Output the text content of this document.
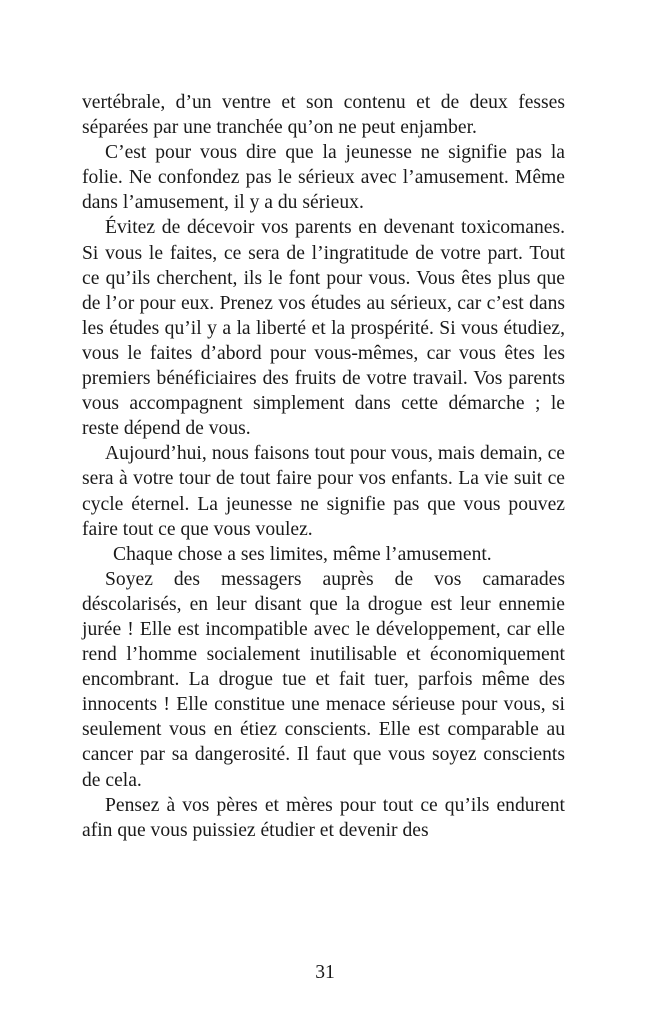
vertébrale, d’un ventre et son contenu et de deux fesses séparées par une tranchée qu’on ne peut enjamber.

C’est pour vous dire que la jeunesse ne signifie pas la folie. Ne confondez pas le sérieux avec l’amusement. Même dans l’amusement, il y a du sérieux.

Évitez de décevoir vos parents en devenant toxicomanes. Si vous le faites, ce sera de l’ingratitude de votre part. Tout ce qu’ils cherchent, ils le font pour vous. Vous êtes plus que de l’or pour eux. Prenez vos études au sérieux, car c’est dans les études qu’il y a la liberté et la prospérité. Si vous étudiez, vous le faites d’abord pour vous-mêmes, car vous êtes les premiers bénéficiaires des fruits de votre travail. Vos parents vous accompagnent simplement dans cette démarche ; le reste dépend de vous.

Aujourd’hui, nous faisons tout pour vous, mais demain, ce sera à votre tour de tout faire pour vos enfants. La vie suit ce cycle éternel. La jeunesse ne signifie pas que vous pouvez faire tout ce que vous voulez.

Chaque chose a ses limites, même l’amusement.

Soyez des messagers auprès de vos camarades déscolarisés, en leur disant que la drogue est leur ennemie jurée ! Elle est incompatible avec le développement, car elle rend l’homme socialement inutilisable et économiquement encombrant. La drogue tue et fait tuer, parfois même des innocents ! Elle constitue une menace sérieuse pour vous, si seulement vous en étiez conscients. Elle est comparable au cancer par sa dangerosité. Il faut que vous soyez conscients de cela.

Pensez à vos pères et mères pour tout ce qu’ils endurent afin que vous puissiez étudier et devenir des

31
